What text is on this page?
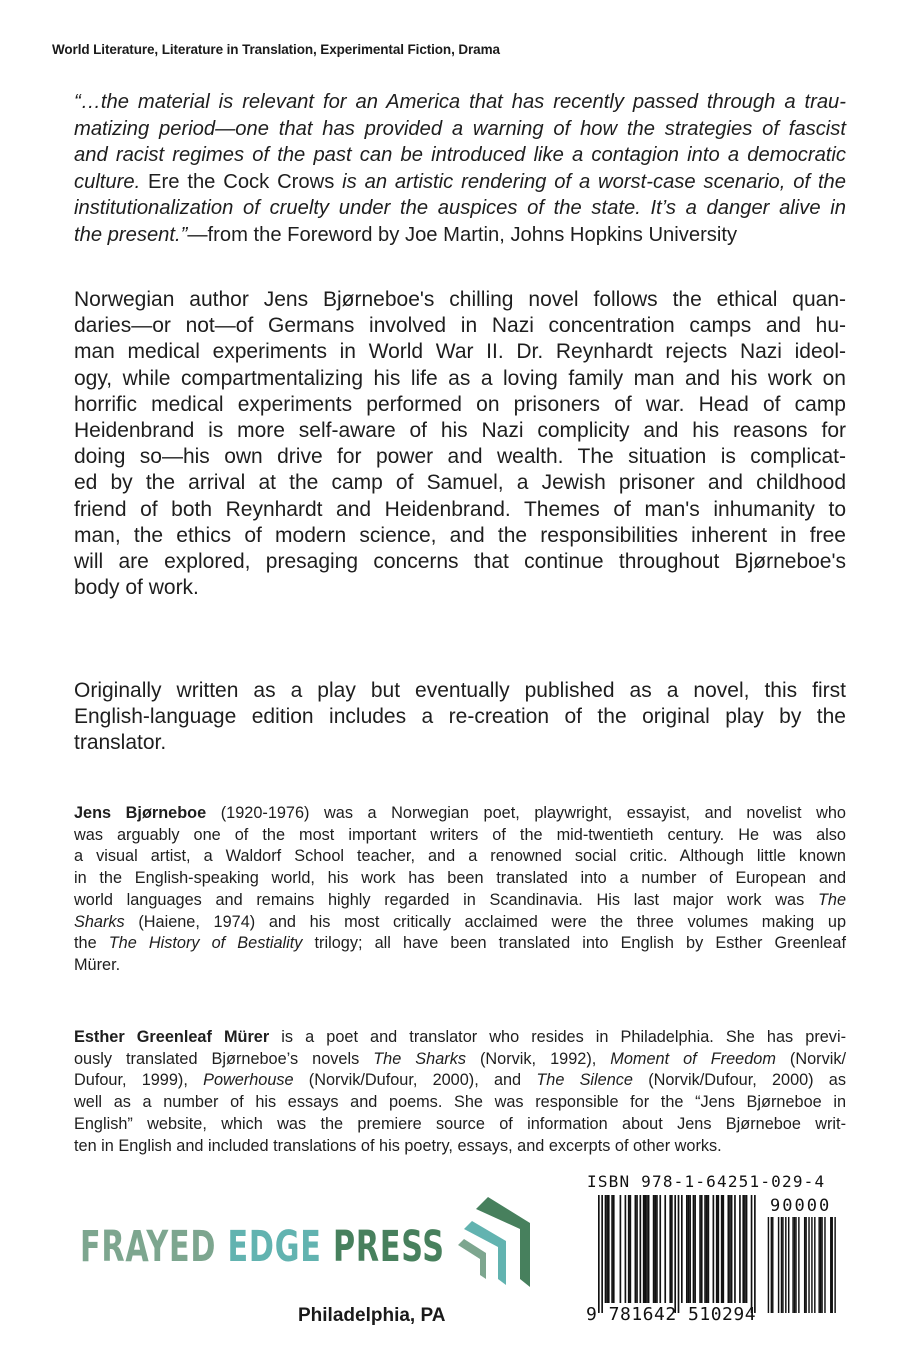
World Literature, Literature in Translation, Experimental Fiction, Drama
“…the material is relevant for an America that has recently passed through a trau-
matizing period—one that has provided a warning of how the strategies of fascist
and racist regimes of the past can be introduced like a contagion into a democratic
culture. Ere the Cock Crows is an artistic rendering of a worst-case scenario, of the
institutionalization of cruelty under the auspices of the state. It’s a danger alive in
the present.”—from the Foreword by Joe Martin, Johns Hopkins University
Norwegian author Jens Bjørneboe's chilling novel follows the ethical quan-
daries—or not—of Germans involved in Nazi concentration camps and hu-
man medical experiments in World War II. Dr. Reynhardt rejects Nazi ideol-
ogy, while compartmentalizing his life as a loving family man and his work on
horrific medical experiments performed on prisoners of war. Head of camp
Heidenbrand is more self-aware of his Nazi complicity and his reasons for
doing so—his own drive for power and wealth. The situation is complicat-
ed by the arrival at the camp of Samuel, a Jewish prisoner and childhood
friend of both Reynhardt and Heidenbrand. Themes of man's inhumanity to
man, the ethics of modern science, and the responsibilities inherent in free
will are explored, presaging concerns that continue throughout Bjørneboe's
body of work.
Originally written as a play but eventually published as a novel, this first
English-language edition includes a re-creation of the original play by the
translator.
Jens Bjørneboe (1920-1976) was a Norwegian poet, playwright, essayist, and novelist who
was arguably one of the most important writers of the mid-twentieth century. He was also
a visual artist, a Waldorf School teacher, and a renowned social critic. Although little known
in the English-speaking world, his work has been translated into a number of European and
world languages and remains highly regarded in Scandinavia. His last major work was The
Sharks (Haiene, 1974) and his most critically acclaimed were the three volumes making up
the The History of Bestiality trilogy; all have been translated into English by Esther Greenleaf
Mürer.
Esther Greenleaf Mürer is a poet and translator who resides in Philadelphia. She has previ-
ously translated Bjørneboe’s novels The Sharks (Norvik, 1992), Moment of Freedom (Norvik/
Dufour, 1999), Powerhouse (Norvik/Dufour, 2000), and The Silence (Norvik/Dufour, 2000) as
well as a number of his essays and poems. She was responsible for the “Jens Bjørneboe in
English” website, which was the premiere source of information about Jens Bjørneboe writ-
ten in English and included translations of his poetry, essays, and excerpts of other works.
FRAYED EDGE PRESS
Philadelphia, PA
ISBN 978-1-64251-029-4
90000
9 781642 510294
